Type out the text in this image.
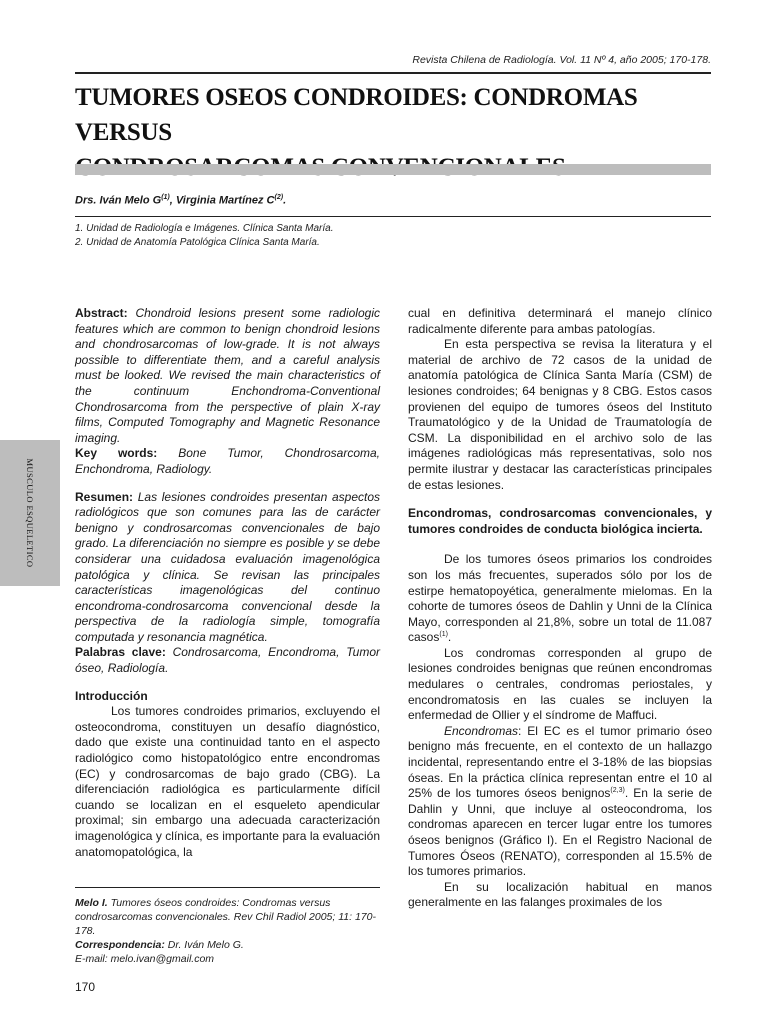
Revista Chilena de Radiología. Vol. 11 Nº 4, año 2005; 170-178.
TUMORES OSEOS CONDROIDES: CONDROMAS VERSUS
Drs. Iván Melo $G^{(1)}$, Virginia Martínez $C^{(2)}$.
1. Unidad de Radiología e Imágenes. Clínica Santa María.
2. Unidad de Anatomía Patológica Clínica Santa María.
MUSCULO ESQUELETICO

Abstract: Chondroid lesions present some radiologic features which are common to benign chondroid lesions and chondrosarcomas of low-grade. It is not always possible to differentiate them, and a careful analysis must be looked. We revised the main characteristics of the continuum Enchondroma-Conventional Chondrosarcoma from the perspective of plain X-ray films, Computed Tomography and Magnetic Resonance imaging.

Key words: Bone Tumor, Chondrosarcoma, Enchondroma, Radiology.

Resumen: Las lesiones condroides presentan aspectos radiológicos que son comunes para las de carácter benigno y condrosarcomas convencionales de bajo grado. La diferenciación no siempre es posible y se debe considerar una cuidadosa evaluación imagenológica patológica y clínica. Se revisan las principales características imagenológicas del continuo encondroma-condrosarcoma convencional desde la perspectiva de la radiología simple, tomografía computada y resonancia magnética.

Palabras clave: Condrosarcoma, Encondroma, Tumor óseo, Radiología.

Introducción

Los tumores condroides primarios, excluyendo el osteocondroma, constituyen un desafío diagnóstico, dado que existe una continuidad tanto en el aspecto radiológico como histopatológico entre encondromas (EC) y condrosarcomas de bajo grado (CBG). La diferenciación radiológica es particularmente difícil cuando se localizan en el esqueleto apendicular proximal; sin embargo una adecuada caracterización imagenológica y clínica, es importante para la evaluación anatomopatológica, la

Melo I. Tumores óseos condroides: Condromas versus condrosarcomas convencionales. Rev Chil Radiol 2005; 11: 170-178.
Correspondencia: Dr. Iván Melo G.
E-mail: melo.ivan@gmail.com
170

cual en definitiva determinará el manejo clínico radicalmente diferente para ambas patologías.

En esta perspectiva se revisa la literatura y el material de archivo de 72 casos de la unidad de anatomía patológica de Clínica Santa María (CSM) de lesiones condroides; 64 benignas y 8 CBG. Estos casos provienen del equipo de tumores óseos del Instituto Traumatológico y de la Unidad de Traumatología de CSM. La disponibilidad en el archivo solo de las imágenes radiológicas más representativas, solo nos permite ilustrar y destacar las características principales de estas lesiones.

Encondromas, condrosarcomas convencionales, y tumores condroides de conducta biológica incierta.

De los tumores óseos primarios los condroides son los más frecuentes, superados sólo por los de estirpe hematopoyética, generalmente mielomas. En la cohorte de tumores óseos de Dahlin y Unni de la Clínica Mayo, corresponden al 21,8%, sobre un total de 11.087 casos$^{(1)}$.

Los condromas corresponden al grupo de lesiones condroides benignas que reúnen encondromas medulares o centrales, condromas periostales, y encondromatosis en las cuales se incluyen la enfermedad de Ollier y el síndrome de Maffuci.

Encondromas: El EC es el tumor primario óseo benigno más frecuente, en el contexto de un hallazgo incidental, representando entre el 3-18% de las biopsias óseas. En la práctica clínica representan entre el 10 al 25% de los tumores óseos benignos$^{(2,3)}$. En la serie de Dahlin y Unni, que incluye al osteocondroma, los condromas aparecen en tercer lugar entre los tumores óseos benignos (Gráfico I). En el Registro Nacional de Tumores Óseos (RENATO), corresponden al 15.5% de los tumores primarios.

En su localización habitual en manos generalmente en las falanges proximales de los
